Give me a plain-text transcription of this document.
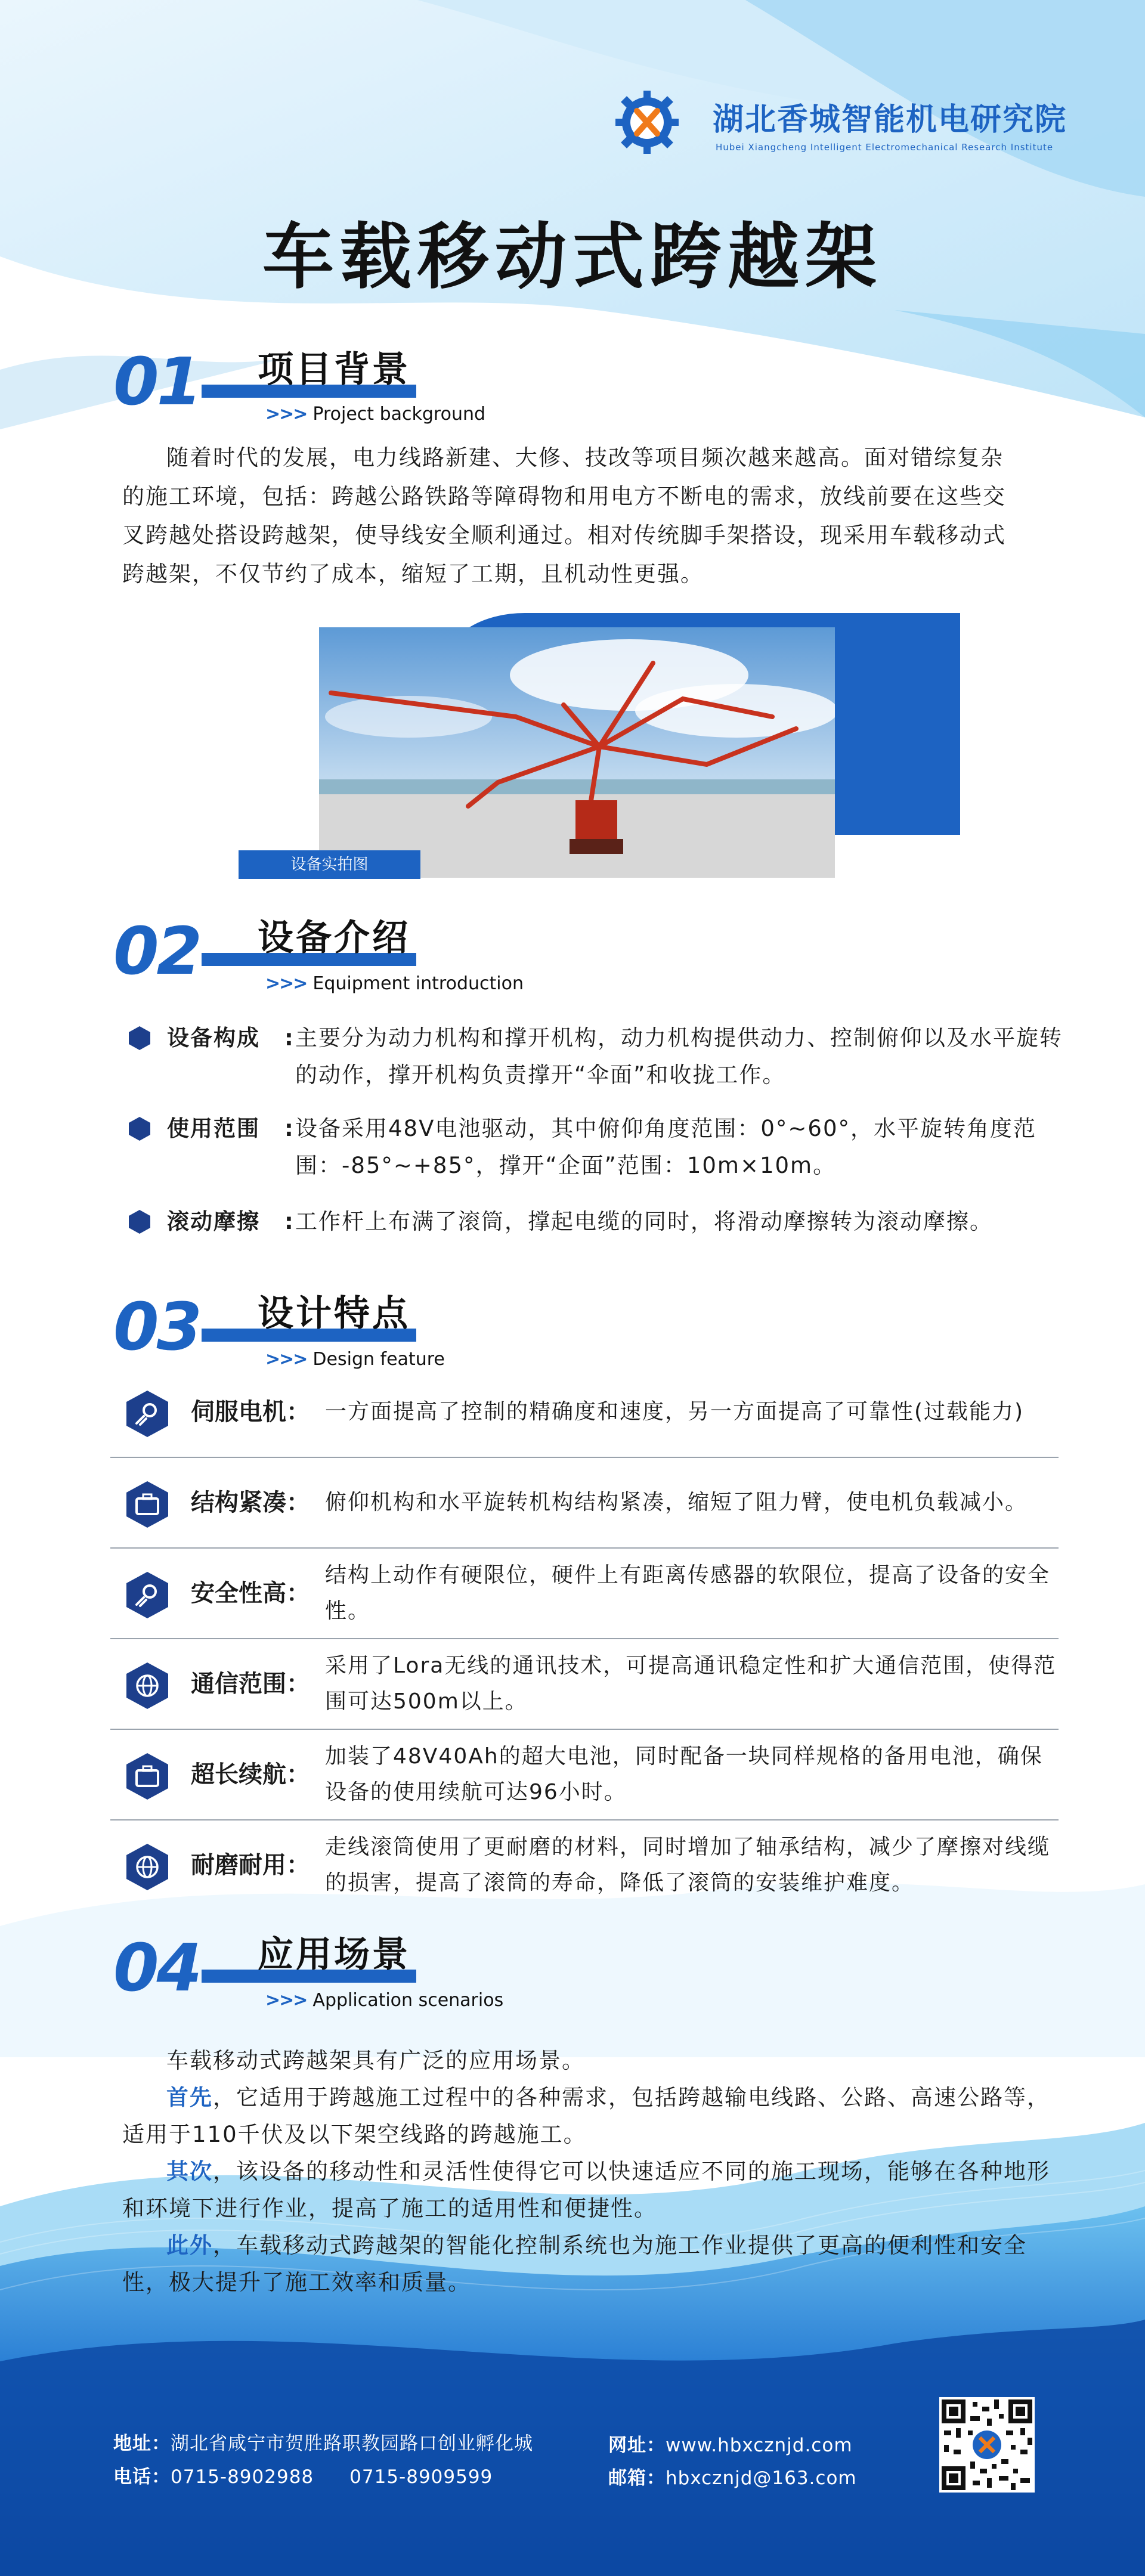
湖北香城智能机电研究院
Hubei Xiangcheng Intelligent Electromechanical Research Institute
车载移动式跨越架
01 项目背景
>>> Project background

随着时代的发展，电力线路新建、大修、技改等项目频次越来越高。面对错综复杂的施工环境，包括：跨越公路铁路等障碍物和用电方不断电的需求，放线前要在这些交叉跨越处搭设跨越架，使导线安全顺利通过。相对传统脚手架搭设，现采用车载移动式跨越架，不仅节约了成本，缩短了工期，且机动性更强。

设备实拍图
02 设备介绍
>>> Equipment introduction
设备构成 : 主要分为动力机构和撑开机构，动力机构提供动力、控制俯仰以及水平旋转的动作，撑开机构负责撑开“伞面”和收拢工作。
使用范围 : 设备采用48V电池驱动，其中俯仰角度范围：0°~60°，水平旋转角度范围：-85°~+85°，撑开“企面”范围：10m×10m。
滚动摩擦 : 工作杆上布满了滚筒，撑起电缆的同时，将滑动摩擦转为滚动摩擦。
03 设计特点
>>> Design feature
伺服电机： 一方面提高了控制的精确度和速度，另一方面提高了可靠性(过载能力)
结构紧凑： 俯仰机构和水平旋转机构结构紧凑，缩短了阻力臂，使电机负载减小。
安全性高：
结构上动作有硬限位，硬件上有距离传感器的软限位，提高了设备的安全性。
通信范围：
采用了Lora无线的通讯技术，可提高通讯稳定性和扩大通信范围，使得范围可达500m以上。
超长续航：
加装了48V40Ah的超大电池，同时配备一块同样规格的备用电池，确保设备的使用续航可达96小时。
耐磨耐用：
走线滚筒使用了更耐磨的材料，同时增加了轴承结构，减少了摩擦对线缆的损害，提高了滚筒的寿命，降低了滚筒的安装维护难度。
04 应用场景
>>> Application scenarios

车载移动式跨越架具有广泛的应用场景。

首先，它适用于跨越施工过程中的各种需求，包括跨越输电线路、公路、高速公路等，适用于110千伏及以下架空线路的跨越施工。

其次，该设备的移动性和灵活性使得它可以快速适应不同的施工现场，能够在各种地形和环境下进行作业，提高了施工的适用性和便捷性。

此外，车载移动式跨越架的智能化控制系统也为施工作业提供了更高的便利性和安全性，极大提升了施工效率和质量。

地址：湖北省咸宁市贺胜路职教园路口创业孵化城
电话：0715-8902988 0715-8909599
网址：www.hbxcznjd.com
邮箱：hbxcznjd@163.com
